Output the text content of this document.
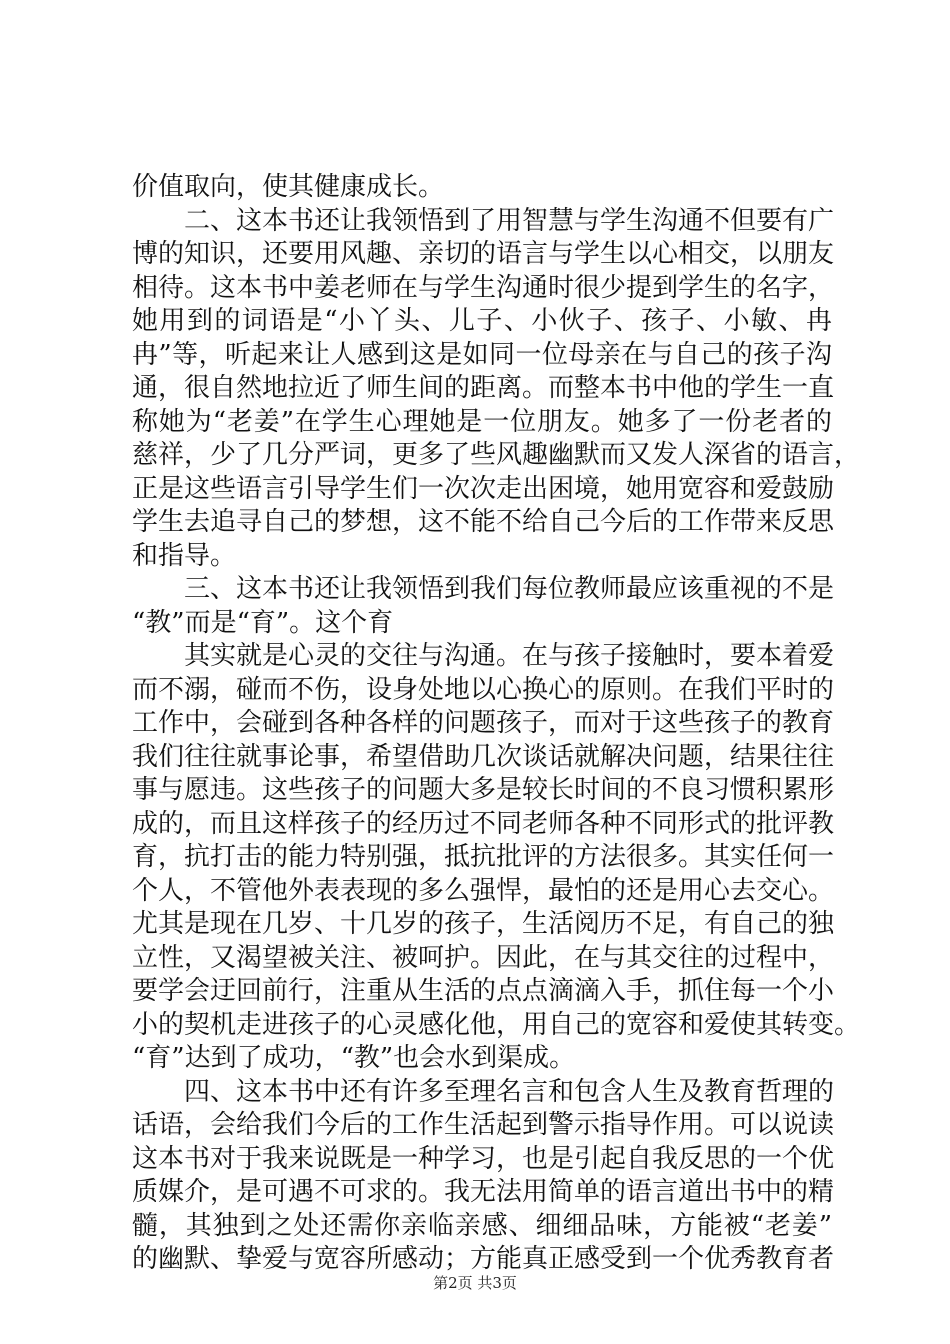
价值取向，使其健康成长。
二、这本书还让我领悟到了用智慧与学生沟通不但要有广
博的知识，还要用风趣、亲切的语言与学生以心相交，以朋友
相待。这本书中姜老师在与学生沟通时很少提到学生的名字，
她用到的词语是“小丫头、儿子、小伙子、孩子、小敏、冉
冉”等，听起来让人感到这是如同一位母亲在与自己的孩子沟
通，很自然地拉近了师生间的距离。而整本书中他的学生一直
称她为“老姜”在学生心理她是一位朋友。她多了一份老者的
慈祥，少了几分严词，更多了些风趣幽默而又发人深省的语言，
正是这些语言引导学生们一次次走出困境，她用宽容和爱鼓励
学生去追寻自己的梦想，这不能不给自己今后的工作带来反思
和指导。
三、这本书还让我领悟到我们每位教师最应该重视的不是
“教”而是“育”。这个育
其实就是心灵的交往与沟通。在与孩子接触时，要本着爱
而不溺，碰而不伤，设身处地以心换心的原则。在我们平时的
工作中，会碰到各种各样的问题孩子，而对于这些孩子的教育
我们往往就事论事，希望借助几次谈话就解决问题，结果往往
事与愿违。这些孩子的问题大多是较长时间的不良习惯积累形
成的，而且这样孩子的经历过不同老师各种不同形式的批评教
育，抗打击的能力特别强，抵抗批评的方法很多。其实任何一
个人，不管他外表表现的多么强悍，最怕的还是用心去交心。
尤其是现在几岁、十几岁的孩子，生活阅历不足，有自己的独
立性，又渴望被关注、被呵护。因此，在与其交往的过程中，
要学会迂回前行，注重从生活的点点滴滴入手，抓住每一个小
小的契机走进孩子的心灵感化他，用自己的宽容和爱使其转变。
“育”达到了成功，“教”也会水到渠成。
四、这本书中还有许多至理名言和包含人生及教育哲理的
话语，会给我们今后的工作生活起到警示指导作用。可以说读
这本书对于我来说既是一种学习，也是引起自我反思的一个优
质媒介，是可遇不可求的。我无法用简单的语言道出书中的精
髓，其独到之处还需你亲临亲感、细细品味，方能被“老姜”
的幽默、挚爱与宽容所感动；方能真正感受到一个优秀教育者
第2页 共3页
